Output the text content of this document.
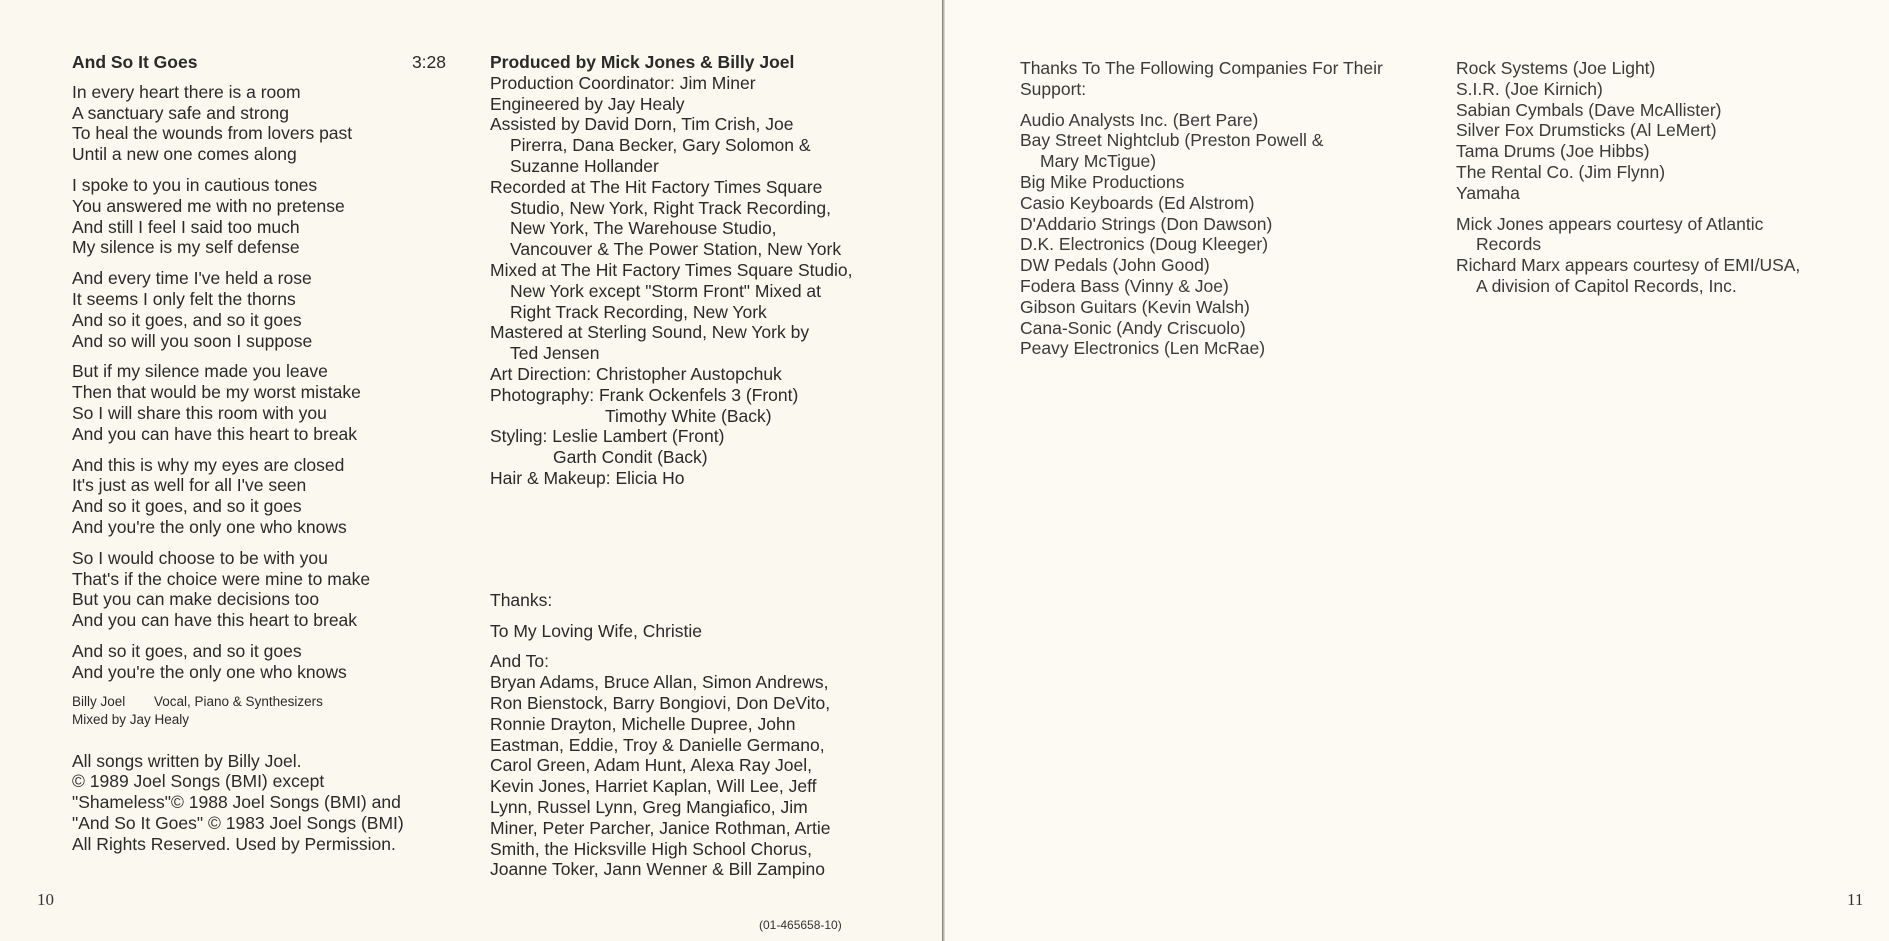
And So It Goes	3:28
In every heart there is a room
A sanctuary safe and strong
To heal the wounds from lovers past
Until a new one comes along
I spoke to you in cautious tones
You answered me with no pretense
And still I feel I said too much
My silence is my self defense
And every time I've held a rose
It seems I only felt the thorns
And so it goes, and so it goes
And so will you soon I suppose
But if my silence made you leave
Then that would be my worst mistake
So I will share this room with you
And you can have this heart to break
And this is why my eyes are closed
It's just as well for all I've seen
And so it goes, and so it goes
And you're the only one who knows
So I would choose to be with you
That's if the choice were mine to make
But you can make decisions too
And you can have this heart to break
And so it goes, and so it goes
And you're the only one who knows
Billy Joel Vocal, Piano & Synthesizers
Mixed by Jay Healy
All songs written by Billy Joel.
© 1989 Joel Songs (BMI) except
"Shameless"© 1988 Joel Songs (BMI) and
"And So It Goes" © 1983 Joel Songs (BMI)
All Rights Reserved. Used by Permission.
Produced by Mick Jones & Billy Joel
Production Coordinator: Jim Miner
Engineered by Jay Healy
Assisted by David Dorn, Tim Crish, Joe
Pirerra, Dana Becker, Gary Solomon &
Suzanne Hollander
Recorded at The Hit Factory Times Square
Studio, New York, Right Track Recording,
New York, The Warehouse Studio,
Vancouver & The Power Station, New York
Mixed at The Hit Factory Times Square Studio,
New York except "Storm Front" Mixed at
Right Track Recording, New York
Mastered at Sterling Sound, New York by
Ted Jensen
Art Direction: Christopher Austopchuk
Photography: Frank Ockenfels 3 (Front)
Timothy White (Back)
Styling: Leslie Lambert (Front)
Garth Condit (Back)
Hair & Makeup: Elicia Ho
Thanks:
To My Loving Wife, Christie
And To:
Bryan Adams, Bruce Allan, Simon Andrews,
Ron Bienstock, Barry Bongiovi, Don DeVito,
Ronnie Drayton, Michelle Dupree, John
Eastman, Eddie, Troy & Danielle Germano,
Carol Green, Adam Hunt, Alexa Ray Joel,
Kevin Jones, Harriet Kaplan, Will Lee, Jeff
Lynn, Russel Lynn, Greg Mangiafico, Jim
Miner, Peter Parcher, Janice Rothman, Artie
Smith, the Hicksville High School Chorus,
Joanne Toker, Jann Wenner & Bill Zampino
10
(01-465658-10)
Thanks To The Following Companies For Their
Support:
Audio Analysts Inc. (Bert Pare)
Bay Street Nightclub (Preston Powell &
Mary McTigue)
Big Mike Productions
Casio Keyboards (Ed Alstrom)
D'Addario Strings (Don Dawson)
D.K. Electronics (Doug Kleeger)
DW Pedals (John Good)
Fodera Bass (Vinny & Joe)
Gibson Guitars (Kevin Walsh)
Cana-Sonic (Andy Criscuolo)
Peavy Electronics (Len McRae)
Rock Systems (Joe Light)
S.I.R. (Joe Kirnich)
Sabian Cymbals (Dave McAllister)
Silver Fox Drumsticks (Al LeMert)
Tama Drums (Joe Hibbs)
The Rental Co. (Jim Flynn)
Yamaha
Mick Jones appears courtesy of Atlantic
Records
Richard Marx appears courtesy of EMI/USA,
A division of Capitol Records, Inc.
11
